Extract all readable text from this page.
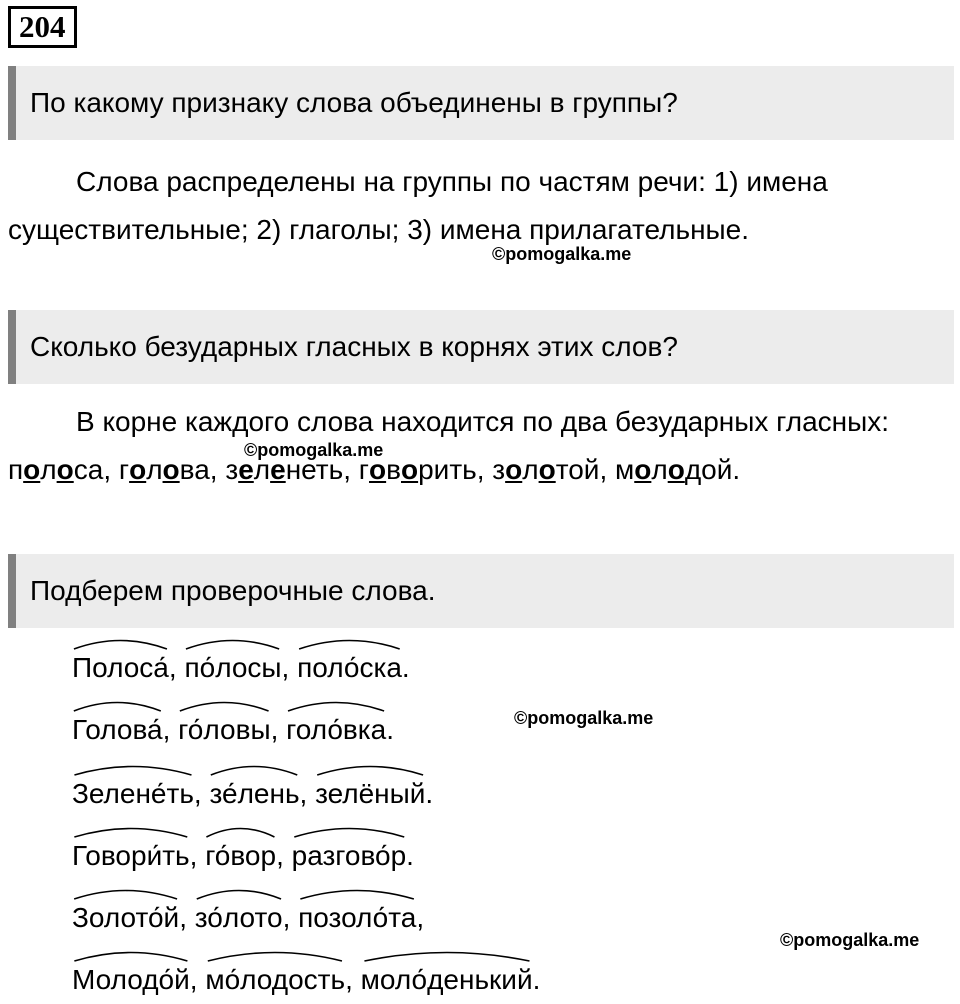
204
По какому признаку слова объединены в группы?

Слова распределены на группы по частям речи: 1) имена существительные; 2) глаголы; 3) имена прилагательные.

©pomogalka.me
Сколько безударных гласных в корнях этих слов?

В корне каждого слова находится по два безударных гласных: полоса, голова, зеленеть, говорить, золотой, молодой.

©pomogalka.me
Подберем проверочные слова.
Полоса́
, по́лосы
, поло́ска
.
Голова́
, го́ловы
, голо́вка
.
Зелене́ть
, зе́лень
, зелёный
.
Говори́ть
, го́вор
, разгово́р
.
Золото́й
, зо́лото
, позоло́та
,
Молодо́й
, мо́лодость
, моло́денький
.
©pomogalka.me
©pomogalka.me
